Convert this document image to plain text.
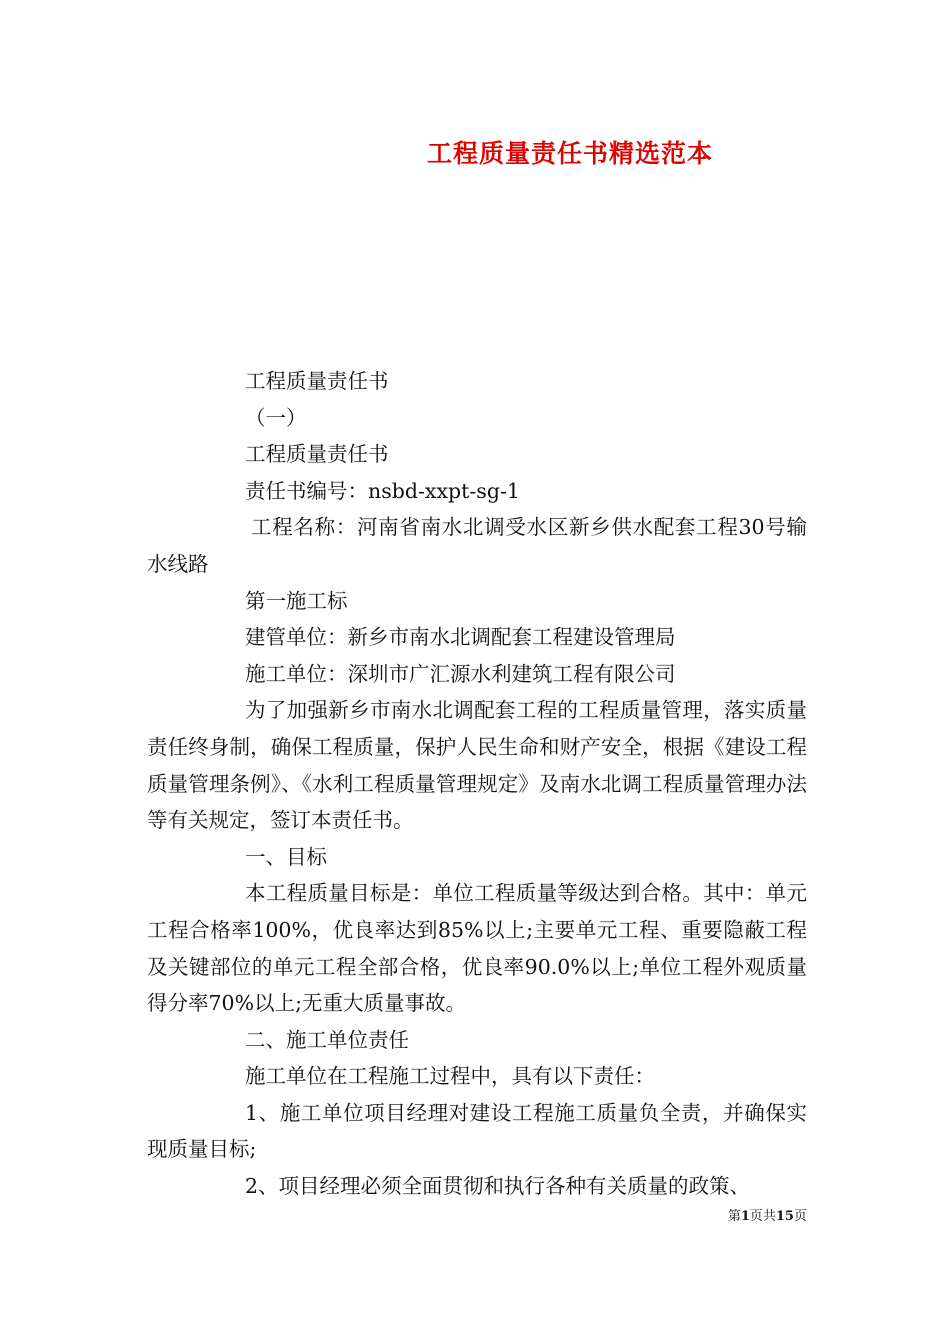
工程质量责任书精选范本

工程质量责任书

（一）

工程质量责任书

责任书编号：nsbd-xxpt-sg-1

工程名称：河南省南水北调受水区新乡供水配套工程30号输水线路

第一施工标

建管单位：新乡市南水北调配套工程建设管理局

施工单位：深圳市广汇源水利建筑工程有限公司

为了加强新乡市南水北调配套工程的工程质量管理，落实质量责任终身制，确保工程质量，保护人民生命和财产安全，根据《建设工程质量管理条例》、《水利工程质量管理规定》及南水北调工程质量管理办法等有关规定，签订本责任书。

一、目标

本工程质量目标是：单位工程质量等级达到合格。其中：单元工程合格率100%，优良率达到85%以上;主要单元工程、重要隐蔽工程及关键部位的单元工程全部合格，优良率90.0%以上;单位工程外观质量得分率70%以上;无重大质量事故。

二、施工单位责任

施工单位在工程施工过程中，具有以下责任：

1、施工单位项目经理对建设工程施工质量负全责，并确保实现质量目标;

2、项目经理必须全面贯彻和执行各种有关质量的政策、

第1页共15页
